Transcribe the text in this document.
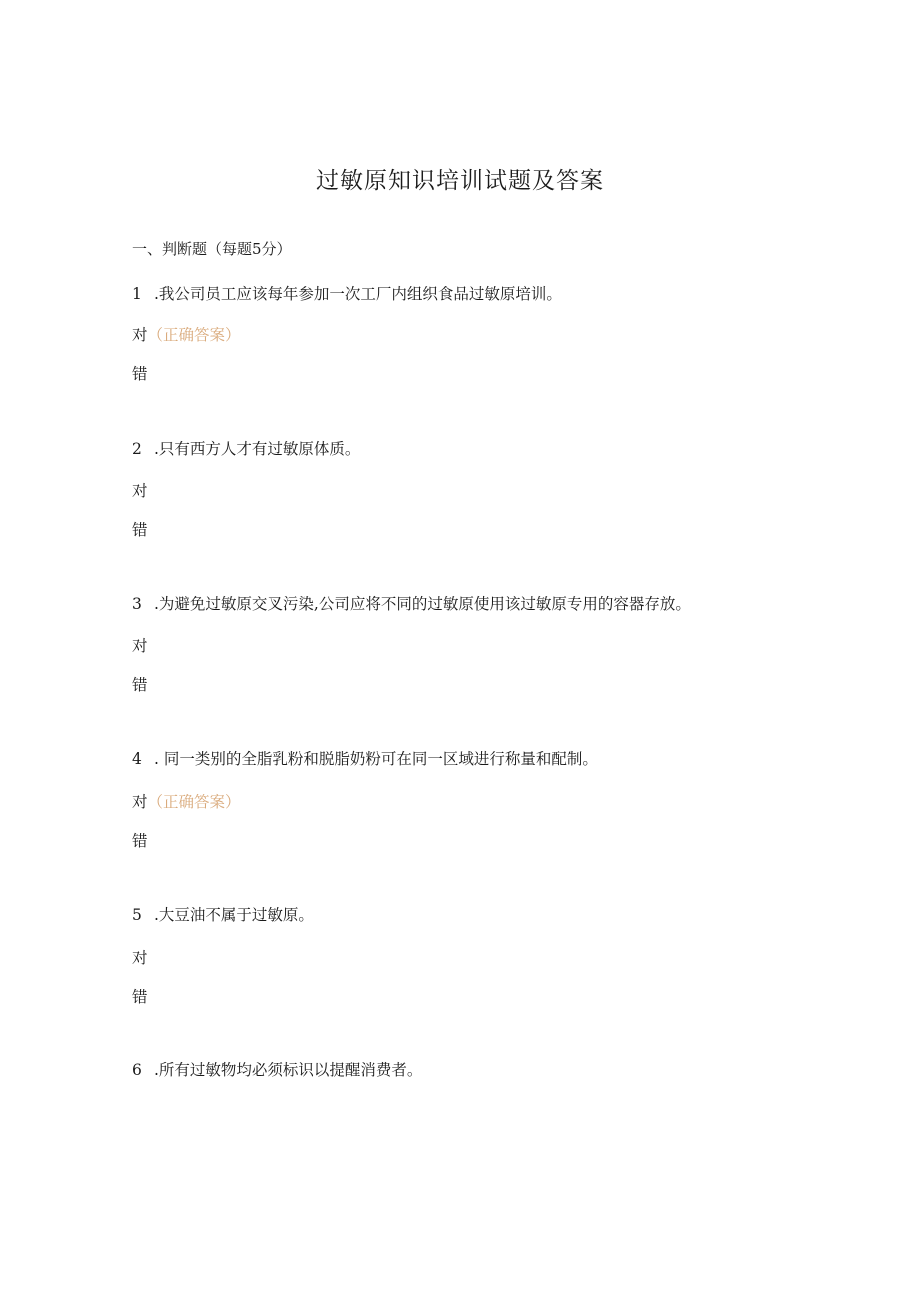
过敏原知识培训试题及答案
一、判断题（每题5分）
1 .我公司员工应该每年参加一次工厂内组织食品过敏原培训。
对（正确答案）
错
2 .只有西方人才有过敏原体质。
对
错
3 .为避免过敏原交叉污染,公司应将不同的过敏原使用该过敏原专用的容器存放。
对
错
4 . 同一类别的全脂乳粉和脱脂奶粉可在同一区域进行称量和配制。
对（正确答案）
错
5 .大豆油不属于过敏原。
对
错
6 .所有过敏物均必须标识以提醒消费者。
